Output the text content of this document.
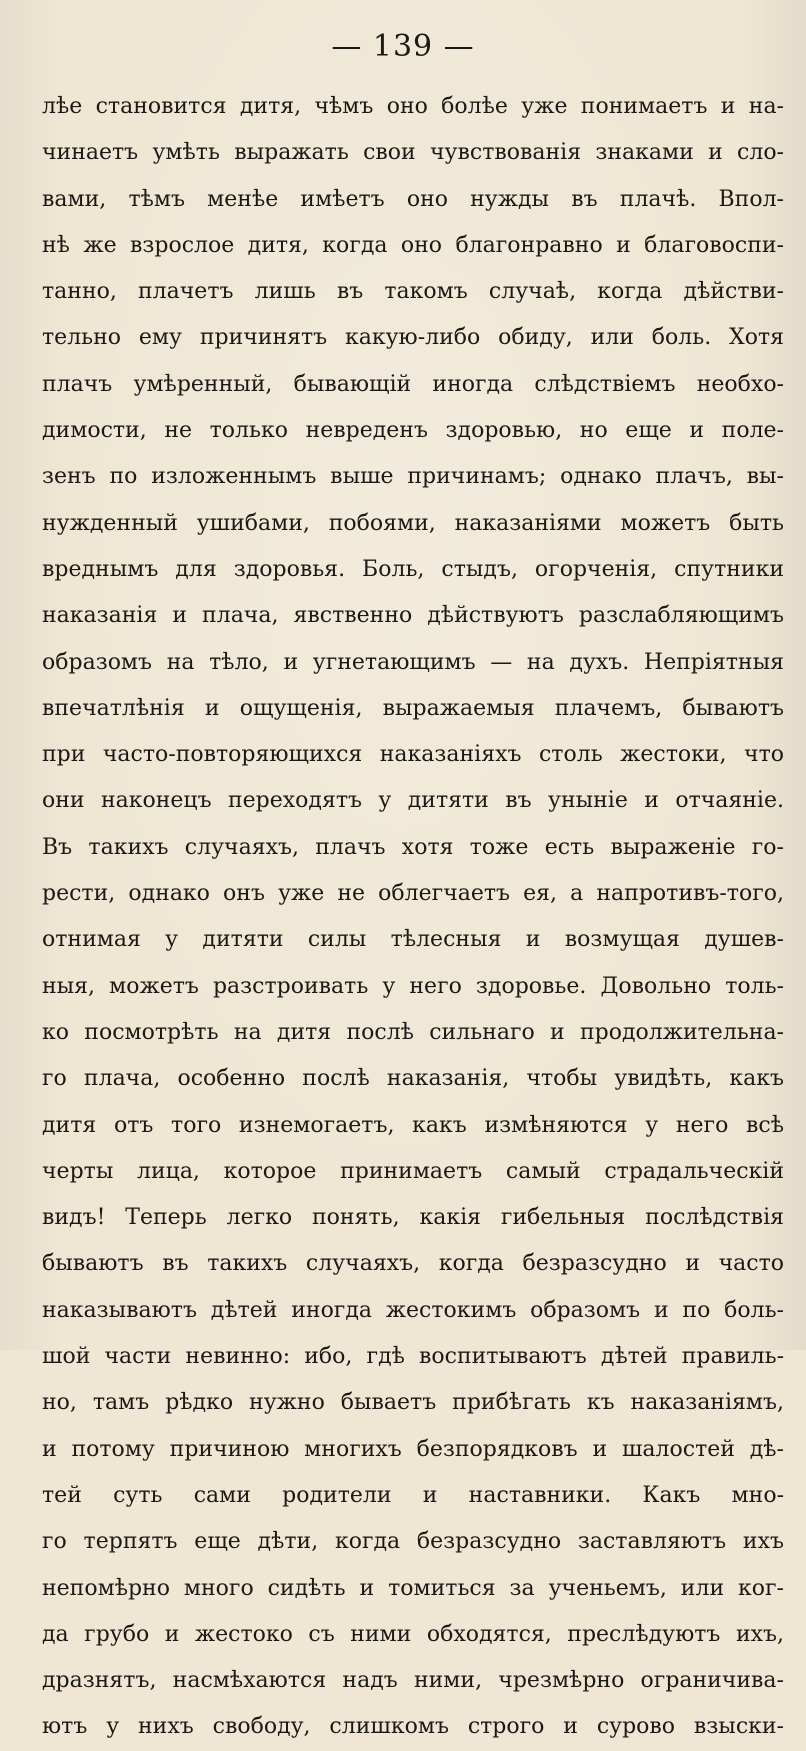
— 139 —
лѣе становится дитя, чѣмъ оно болѣе уже понимаетъ и на-
чинаетъ умѣть выражать свои чувствованія знаками и сло-
вами, тѣмъ менѣе имѣетъ оно нужды въ плачѣ. Впол-
нѣ же взрослое дитя, когда оно благонравно и благовоспи-
танно, плачетъ лишь въ такомъ случаѣ, когда дѣйстви-
тельно ему причинятъ какую-либо обиду, или боль. Хотя
плачъ умѣренный, бывающій иногда слѣдствіемъ необхо-
димости, не только невреденъ здоровью, но еще и поле-
зенъ по изложеннымъ выше причинамъ; однако плачъ, вы-
нужденный ушибами, побоями, наказаніями можетъ быть
вреднымъ для здоровья. Боль, стыдъ, огорченія, спутники
наказанія и плача, явственно дѣйствуютъ разслабляющимъ
образомъ на тѣло, и угнетающимъ — на духъ. Непріятныя
впечатлѣнія и ощущенія, выражаемыя плачемъ, бываютъ
при часто-повторяющихся наказаніяхъ столь жестоки, что
они наконецъ переходятъ у дитяти въ уныніе и отчаяніе.
Въ такихъ случаяхъ, плачъ хотя тоже есть выраженіе го-
рести, однако онъ уже не облегчаетъ ея, а напротивъ-того,
отнимая у дитяти силы тѣлесныя и возмущая душев-
ныя, можетъ разстроивать у него здоровье. Довольно толь-
ко посмотрѣть на дитя послѣ сильнаго и продолжительна-
го плача, особенно послѣ наказанія, чтобы увидѣть, какъ
дитя отъ того изнемогаетъ, какъ измѣняются у него всѣ
черты лица, которое принимаетъ самый страдальческій
видъ! Теперь легко понять, какія гибельныя послѣдствія
бываютъ въ такихъ случаяхъ, когда безразсудно и часто
наказываютъ дѣтей иногда жестокимъ образомъ и по боль-
шой части невинно: ибо, гдѣ воспитываютъ дѣтей правиль-
но, тамъ рѣдко нужно бываетъ прибѣгать къ наказаніямъ,
и потому причиною многихъ безпорядковъ и шалостей дѣ-
тей суть сами родители и наставники. Какъ мно-
го терпятъ еще дѣти, когда безразсудно заставляютъ ихъ
непомѣрно много сидѣть и томиться за ученьемъ, или ког-
да грубо и жестоко съ ними обходятся, преслѣдуютъ ихъ,
дразнятъ, насмѣхаются надъ ними, чрезмѣрно ограничива-
ютъ у нихъ свободу, слишкомъ строго и сурово взыски-
